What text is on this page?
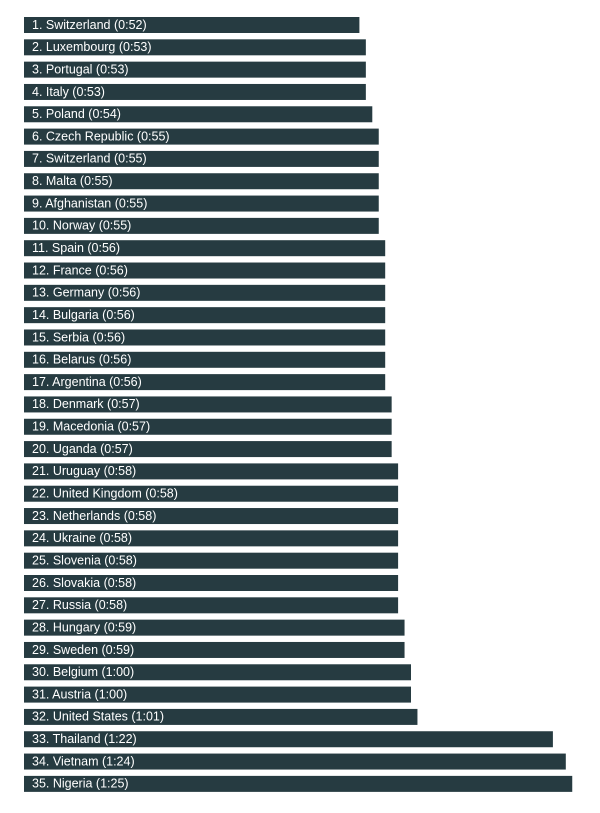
1. Switzerland (0:52)
2. Luxembourg (0:53)
3. Portugal (0:53)
4. Italy (0:53)
5. Poland (0:54)
6. Czech Republic (0:55)
7. Switzerland (0:55)
8. Malta (0:55)
9. Afghanistan (0:55)
10. Norway (0:55)
11. Spain (0:56)
12. France (0:56)
13. Germany (0:56)
14. Bulgaria (0:56)
15. Serbia (0:56)
16. Belarus (0:56)
17. Argentina (0:56)
18. Denmark (0:57)
19. Macedonia (0:57)
20. Uganda (0:57)
21. Uruguay (0:58)
22. United Kingdom (0:58)
23. Netherlands (0:58)
24. Ukraine (0:58)
25. Slovenia (0:58)
26. Slovakia (0:58)
27. Russia (0:58)
28. Hungary (0:59)
29. Sweden (0:59)
30. Belgium (1:00)
31. Austria (1:00)
32. United States (1:01)
33. Thailand (1:22)
34. Vietnam (1:24)
35. Nigeria (1:25)
